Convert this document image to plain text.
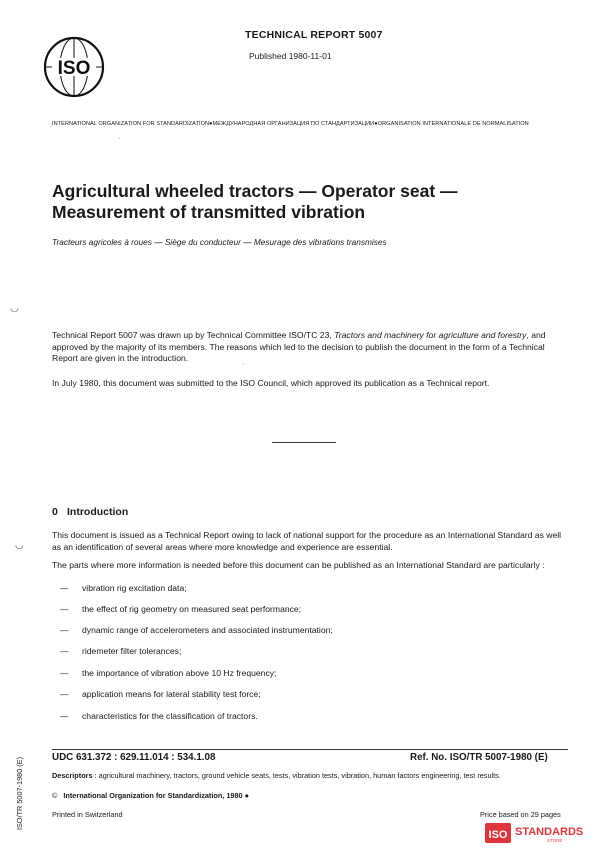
ISO
TECHNICAL REPORT 5007
Published 1980-11-01
INTERNATIONAL ORGANIZATION FOR STANDARDIZATION●МЕЖДУНАРОДНАЯ ОРГАНИЗАЦИЯ ПО СТАНДАРТИЗАЦИИ●ORGANISATION INTERNATIONALE DE NORMALISATION
·
Agricultural wheeled tractors — Operator seat —
Measurement of transmitted vibration
Tracteurs agricoles à roues — Siège du conducteur — Mesurage des vibrations transmises
◡
Technical Report 5007 was drawn up by Technical Committee ISO/TC 23, Tractors and machinery for agriculture and forestry, and approved by the majority of its members. The reasons which led to the decision to publish the document in the form of a Technical Report are given in the introduction.
'
In July 1980, this document was submitted to the ISO Council, which approved its publication as a Technical report.
0 Introduction
◡
This document is issued as a Technical Report owing to lack of national support for the procedure as an International Standard as well as an identification of several areas where more knowledge and experience are essential.
The parts where more information is needed before this document can be published as an International Standard are particularly :
— vibration rig excitation data;
— the effect of rig geometry on measured seat performance;
— dynamic range of accelerometers and associated instrumentation;
— ridemeter filter tolerances;
— the importance of vibration above 10 Hz frequency;
— application means for lateral stability test force;
— characteristics for the classification of tractors.
ISO/TR 5007-1980 (E)	UDC 631.372 : 629.11.014 : 534.1.08	Ref. No. ISO/TR 5007-1980 (E)
Descriptors : agricultural machinery, tractors, ground vehicle seats, tests, vibration tests, vibration, human factors engineering, test results.
© International Organization for Standardization, 1980 ●
Printed in Switzerland	Price based on 29 pages
ISO STANDARDS
STORE
